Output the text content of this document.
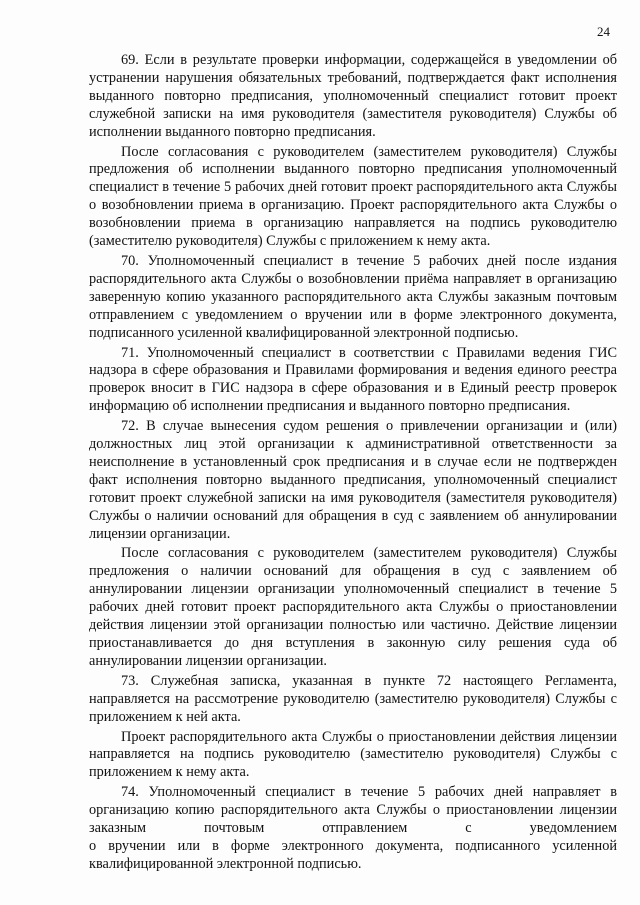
24

69. Если в результате проверки информации, содержащейся в уведомлении об устранении нарушения обязательных требований, подтверждается факт исполнения выданного повторно предписания, уполномоченный специалист готовит проект служебной записки на имя руководителя (заместителя руководителя) Службы об исполнении выданного повторно предписания.

После согласования с руководителем (заместителем руководителя) Службы предложения об исполнении выданного повторно предписания уполномоченный специалист в течение 5 рабочих дней готовит проект распорядительного акта Службы о возобновлении приема в организацию. Проект распорядительного акта Службы о возобновлении приема в организацию направляется на подпись руководителю (заместителю руководителя) Службы с приложением к нему акта.

70. Уполномоченный специалист в течение 5 рабочих дней после издания распорядительного акта Службы о возобновлении приёма направляет в организацию заверенную копию указанного распорядительного акта Службы заказным почтовым отправлением с уведомлением о вручении или в форме электронного документа, подписанного усиленной квалифицированной электронной подписью.

71. Уполномоченный специалист в соответствии с Правилами ведения ГИС надзора в сфере образования и Правилами формирования и ведения единого реестра проверок вносит в ГИС надзора в сфере образования и в Единый реестр проверок информацию об исполнении предписания и выданного повторно предписания.

72. В случае вынесения судом решения о привлечении организации и (или) должностных лиц этой организации к административной ответственности за неисполнение в установленный срок предписания и в случае если не подтвержден факт исполнения повторно выданного предписания, уполномоченный специалист готовит проект служебной записки на имя руководителя (заместителя руководителя) Службы о наличии оснований для обращения в суд с заявлением об аннулировании лицензии организации.

После согласования с руководителем (заместителем руководителя) Службы предложения о наличии оснований для обращения в суд с заявлением об аннулировании лицензии организации уполномоченный специалист в течение 5 рабочих дней готовит проект распорядительного акта Службы о приостановлении действия лицензии этой организации полностью или частично. Действие лицензии приостанавливается до дня вступления в законную силу решения суда об аннулировании лицензии организации.

73. Служебная записка, указанная в пункте 72 настоящего Регламента, направляется на рассмотрение руководителю (заместителю руководителя) Службы с приложением к ней акта.

Проект распорядительного акта Службы о приостановлении действия лицензии направляется на подпись руководителю (заместителю руководителя) Службы с приложением к нему акта.

74. Уполномоченный специалист в течение 5 рабочих дней направляет в организацию копию распорядительного акта Службы о приостановлении лицензии заказным почтовым отправлением с уведомлением

о вручении или в форме электронного документа, подписанного усиленной квалифицированной электронной подписью.
